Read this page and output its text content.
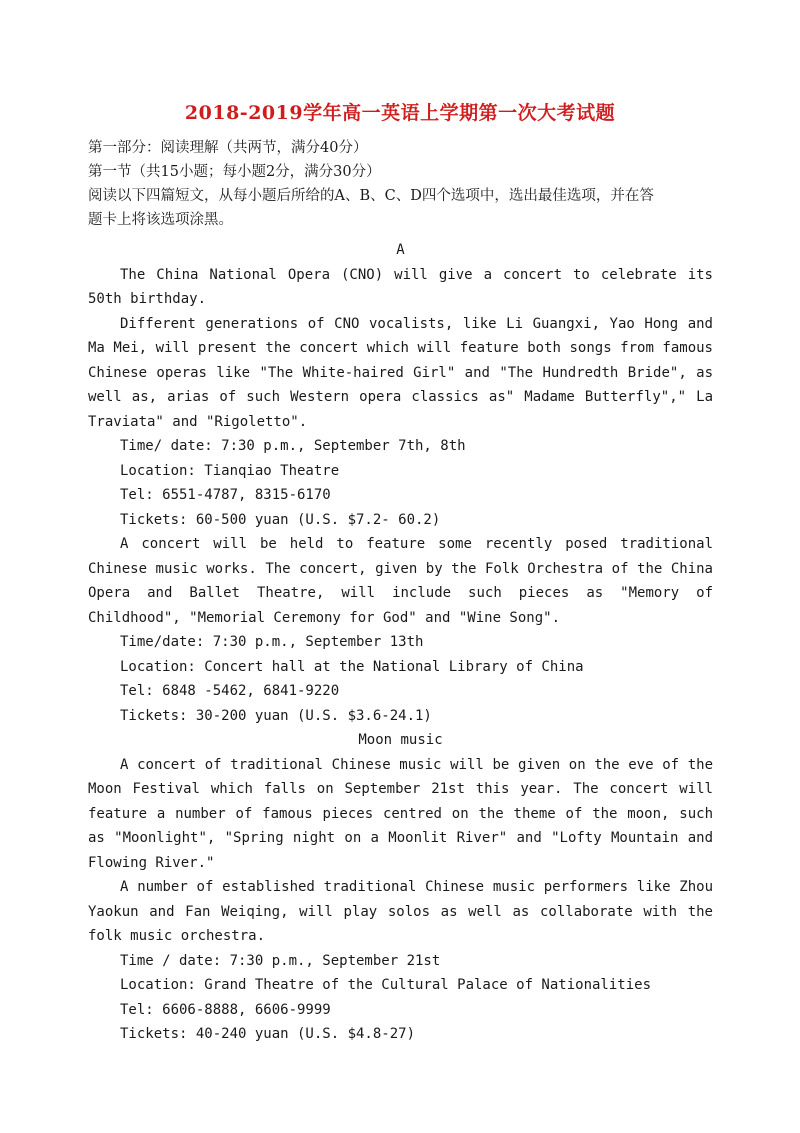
2018-2019学年高一英语上学期第一次大考试题
第一部分：阅读理解（共两节，满分40分）
第一节（共15小题；每小题2分，满分30分）
阅读以下四篇短文，从每小题后所给的A、B、C、D四个选项中，选出最佳选项，并在答
题卡上将该选项涂黑。
A
The China National Opera (CNO) will give a concert to celebrate its 50th birthday.
Different generations of CNO vocalists, like Li Guangxi, Yao Hong and Ma Mei, will present the concert which will feature both songs from famous Chinese operas like "The White-haired Girl" and "The Hundredth Bride", as well as, arias of such Western opera classics as" Madame Butterfly"," La Traviata" and "Rigoletto".
Time/ date: 7:30 p.m., September 7th, 8th
Location: Tianqiao Theatre
Tel: 6551-4787, 8315-6170
Tickets: 60-500 yuan (U.S. $7.2- 60.2)
A concert will be held to feature some recently posed traditional Chinese music works. The concert, given by the Folk Orchestra of the China Opera and Ballet Theatre, will include such pieces as "Memory of Childhood", "Memorial Ceremony for God" and "Wine Song".
Time/date: 7:30 p.m., September 13th
Location: Concert hall at the National Library of China
Tel: 6848 -5462, 6841-9220
Tickets: 30-200 yuan (U.S. $3.6-24.1)
Moon music
A concert of traditional Chinese music will be given on the eve of the Moon Festival which falls on September 21st this year. The concert will feature a number of famous pieces centred on the theme of the moon, such as "Moonlight", "Spring night on a Moonlit River" and "Lofty Mountain and Flowing River."
A number of established traditional Chinese music performers like Zhou Yaokun and Fan Weiqing, will play solos as well as collaborate with the folk music orchestra.
Time / date: 7:30 p.m., September 21st
Location: Grand Theatre of the Cultural Palace of Nationalities
Tel: 6606-8888, 6606-9999
Tickets: 40-240 yuan (U.S. $4.8-27)
